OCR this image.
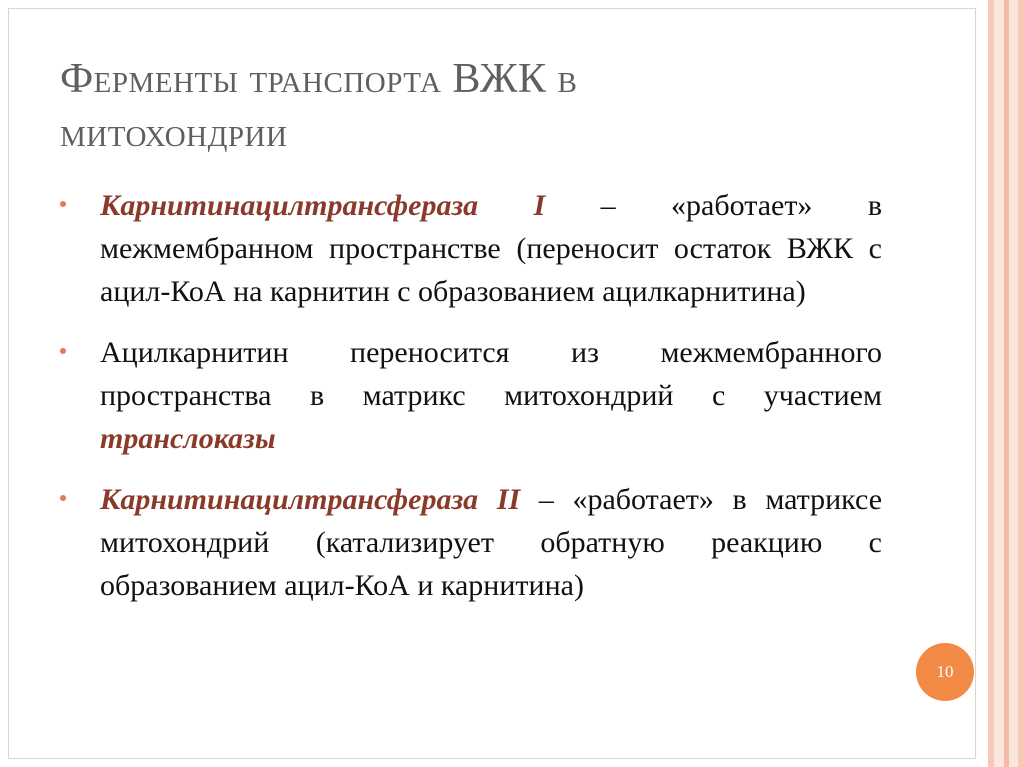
Ферменты транспорта ВЖК в
митохондрии
Карнитинацилтрансфераза I – «работает» в межмембранном пространстве (переносит остаток ВЖК с ацил-КоА на карнитин с образованием ацилкарнитина)
Ацилкарнитин переносится из межмембранного пространства в матрикс митохондрий с участием транслоказы
Карнитинацилтрансфераза II – «работает» в матриксе митохондрий (катализирует обратную реакцию с образованием ацил-КоА и карнитина)
10
